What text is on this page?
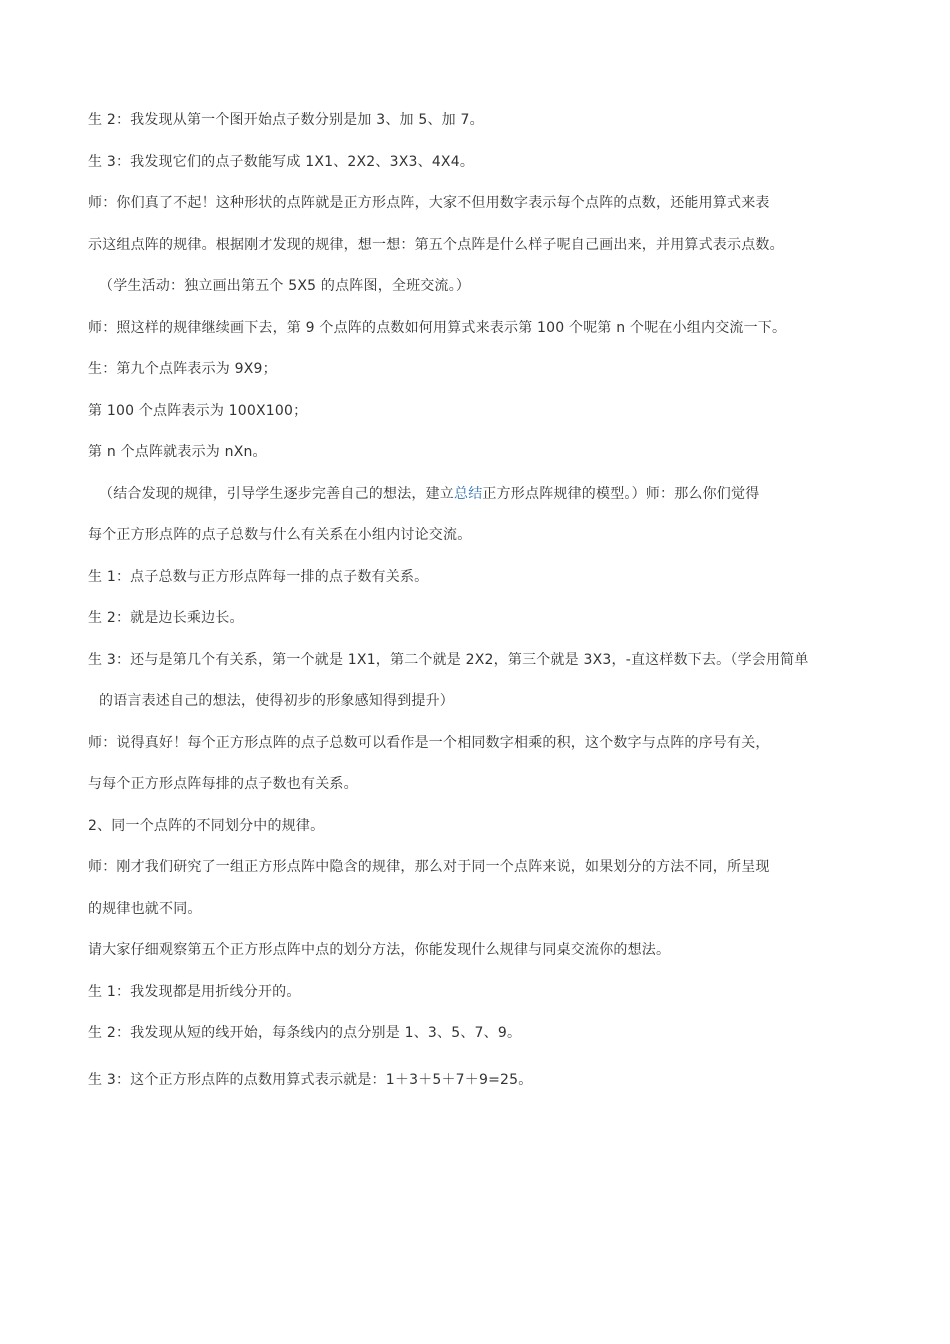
生 2：我发现从第一个图开始点子数分别是加 3、加 5、加 7。
生 3：我发现它们的点子数能写成 1X1、2X2、3X3、4X4。
师：你们真了不起！这种形状的点阵就是正方形点阵，大家不但用数字表示每个点阵的点数，还能用算式来表
示这组点阵的规律。根据刚才发现的规律，想一想：第五个点阵是什么样子呢自己画出来，并用算式表示点数。
（学生活动：独立画出第五个 5X5 的点阵图，全班交流。）
师：照这样的规律继续画下去，第 9 个点阵的点数如何用算式来表示第 100 个呢第 n 个呢在小组内交流一下。
生：第九个点阵表示为 9X9；
第 100 个点阵表示为 100X100；
第 n 个点阵就表示为 nXn。
（结合发现的规律，引导学生逐步完善自己的想法，建立总结正方形点阵规律的模型。）师：那么你们觉得
每个正方形点阵的点子总数与什么有关系在小组内讨论交流。
生 1：点子总数与正方形点阵每一排的点子数有关系。
生 2：就是边长乘边长。
生 3：还与是第几个有关系，第一个就是 1X1，第二个就是 2X2，第三个就是 3X3，-直这样数下去。（学会用简单
的语言表述自己的想法，使得初步的形象感知得到提升）
师：说得真好！每个正方形点阵的点子总数可以看作是一个相同数字相乘的积，这个数字与点阵的序号有关，
与每个正方形点阵每排的点子数也有关系。
2、同一个点阵的不同划分中的规律。
师：刚才我们研究了一组正方形点阵中隐含的规律，那么对于同一个点阵来说，如果划分的方法不同，所呈现
的规律也就不同。
请大家仔细观察第五个正方形点阵中点的划分方法，你能发现什么规律与同桌交流你的想法。
生 1：我发现都是用折线分开的。
生 2：我发现从短的线开始，每条线内的点分别是 1、3、5、7、9。
生 3：这个正方形点阵的点数用算式表示就是：1＋3＋5＋7＋9=25。
